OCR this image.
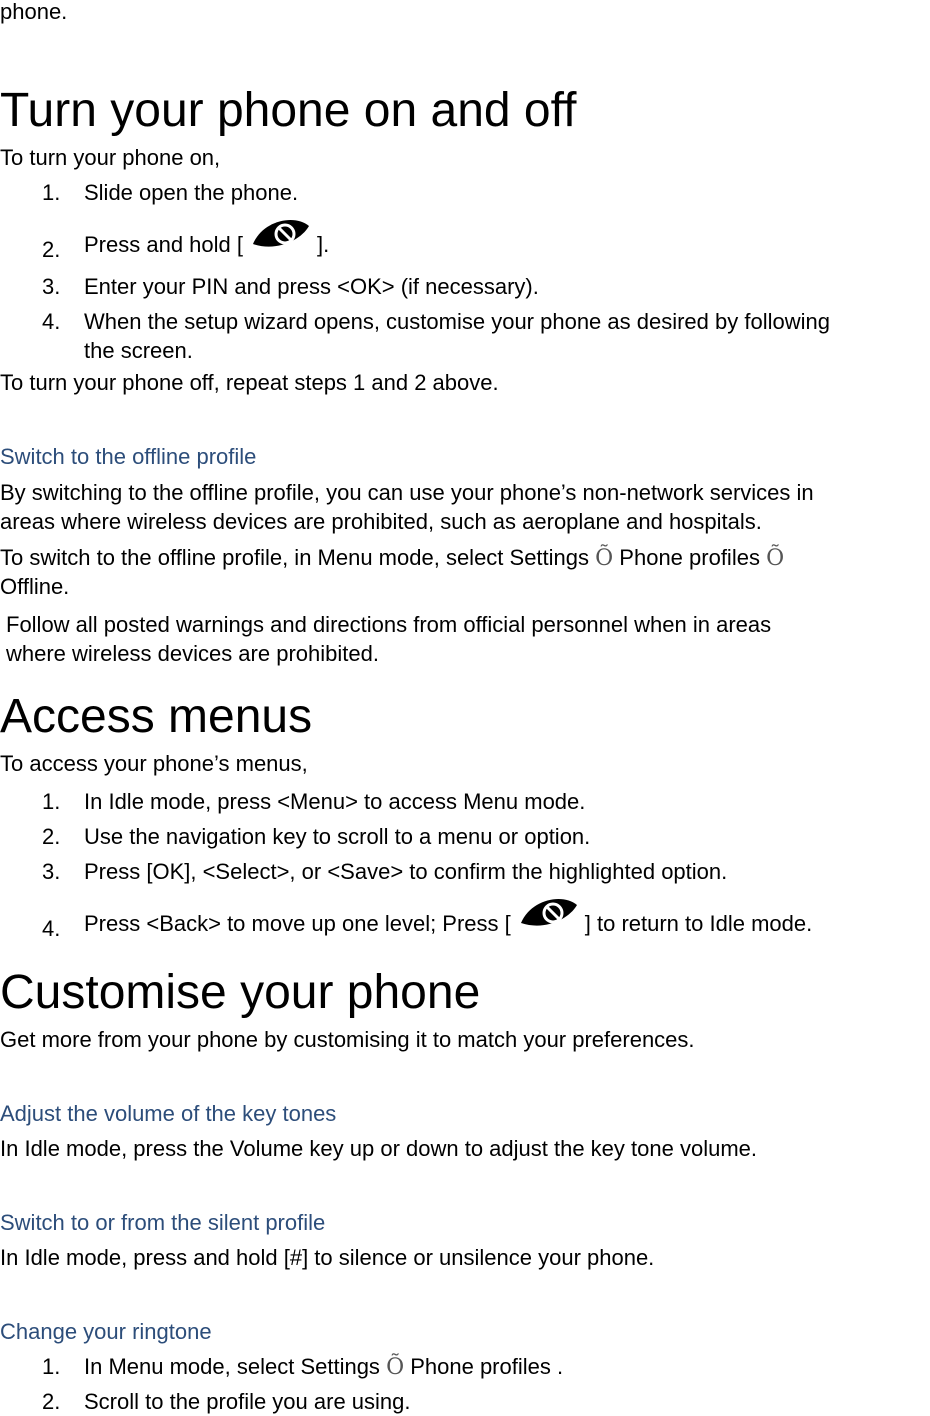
phone.
Turn your phone on and off
To turn your phone on,
1. Slide open the phone.
2. Press and hold [	].
3. Enter your PIN and press <OK> (if necessary).
4. When the setup wizard opens, customise your phone as desired by following
the screen.
To turn your phone off, repeat steps 1 and 2 above.
Switch to the offline profile
By switching to the offline profile, you can use your phone’s non-network services in
areas where wireless devices are prohibited, such as aeroplane and hospitals.
To switch to the offline profile, in Menu mode, select Settings Õ Phone profiles Õ
Offline.
Follow all posted warnings and directions from official personnel when in areas
where wireless devices are prohibited.
Access menus
To access your phone’s menus,
1. In Idle mode, press <Menu> to access Menu mode.
2. Use the navigation key to scroll to a menu or option.
3. Press [OK], <Select>, or <Save> to confirm the highlighted option.
4. Press <Back> to move up one level; Press [	] to return to Idle mode.
Customise your phone
Get more from your phone by customising it to match your preferences.
Adjust the volume of the key tones
In Idle mode, press the Volume key up or down to adjust the key tone volume.
Switch to or from the silent profile
In Idle mode, press and hold [#] to silence or unsilence your phone.
Change your ringtone
1. In Menu mode, select Settings Õ Phone profiles .
2. Scroll to the profile you are using.
